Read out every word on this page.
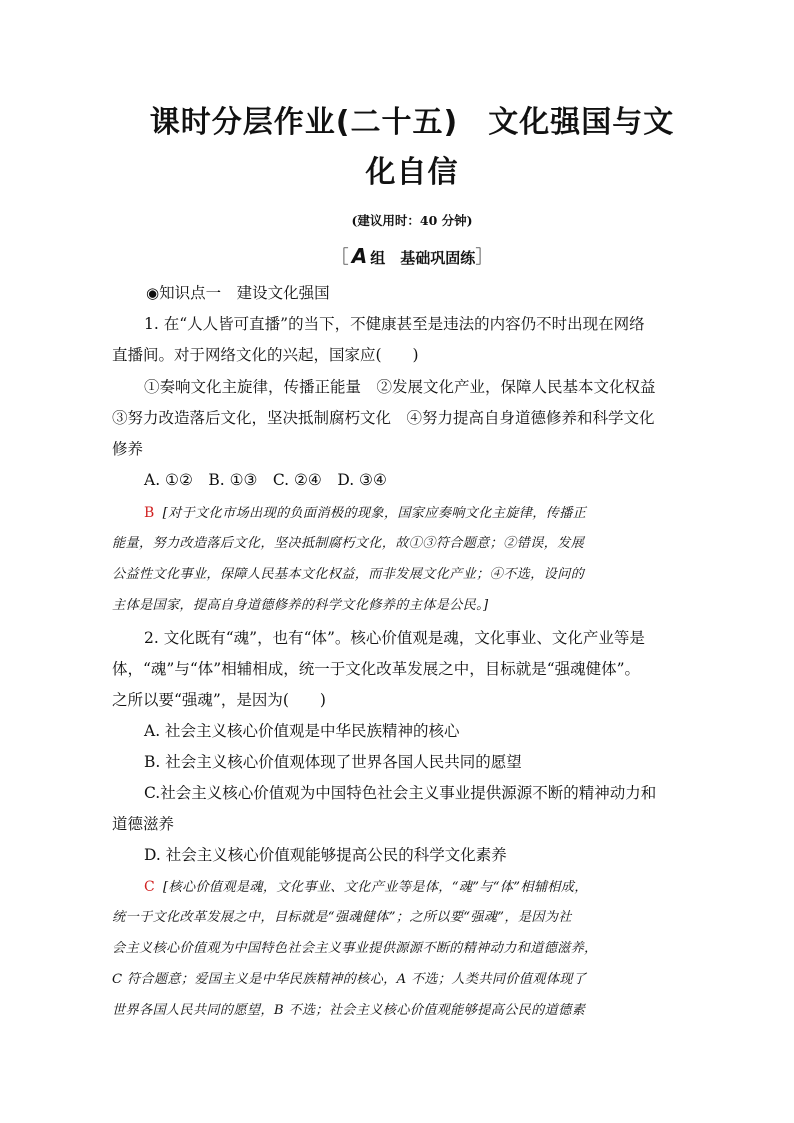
课时分层作业(二十五) 文化强国与文
化自信
(建议用时：40 分钟)
［ A 组　基础巩固练］
◉知识点一　建设文化强国
1. 在“人人皆可直播”的当下，不健康甚至是违法的内容仍不时出现在网络
直播间。对于网络文化的兴起，国家应(　　)
①奏响文化主旋律，传播正能量　②发展文化产业，保障人民基本文化权益
③努力改造落后文化，坚决抵制腐朽文化　④努力提高自身道德修养和科学文化
修养
A. ①②　B. ①③　C. ②④　D. ③④
B [对于文化市场出现的负面消极的现象，国家应奏响文化主旋律，传播正
能量，努力改造落后文化，坚决抵制腐朽文化，故①③符合题意；②错误，发展
公益性文化事业，保障人民基本文化权益，而非发展文化产业；④不选，设问的
主体是国家，提高自身道德修养的科学文化修养的主体是公民。]
2. 文化既有“魂”，也有“体”。核心价值观是魂，文化事业、文化产业等是
体，“魂”与“体”相辅相成，统一于文化改革发展之中，目标就是“强魂健体”。
之所以要“强魂”，是因为(　　)
A. 社会主义核心价值观是中华民族精神的核心
B. 社会主义核心价值观体现了世界各国人民共同的愿望
C.社会主义核心价值观为中国特色社会主义事业提供源源不断的精神动力和
道德滋养
D. 社会主义核心价值观能够提高公民的科学文化素养
C [核心价值观是魂，文化事业、文化产业等是体，“魂”与“体”相辅相成，
统一于文化改革发展之中，目标就是“强魂健体”；之所以要“强魂”，是因为社
会主义核心价值观为中国特色社会主义事业提供源源不断的精神动力和道德滋养，
C 符合题意；爱国主义是中华民族精神的核心，A 不选；人类共同价值观体现了
世界各国人民共同的愿望，B 不选；社会主义核心价值观能够提高公民的道德素
